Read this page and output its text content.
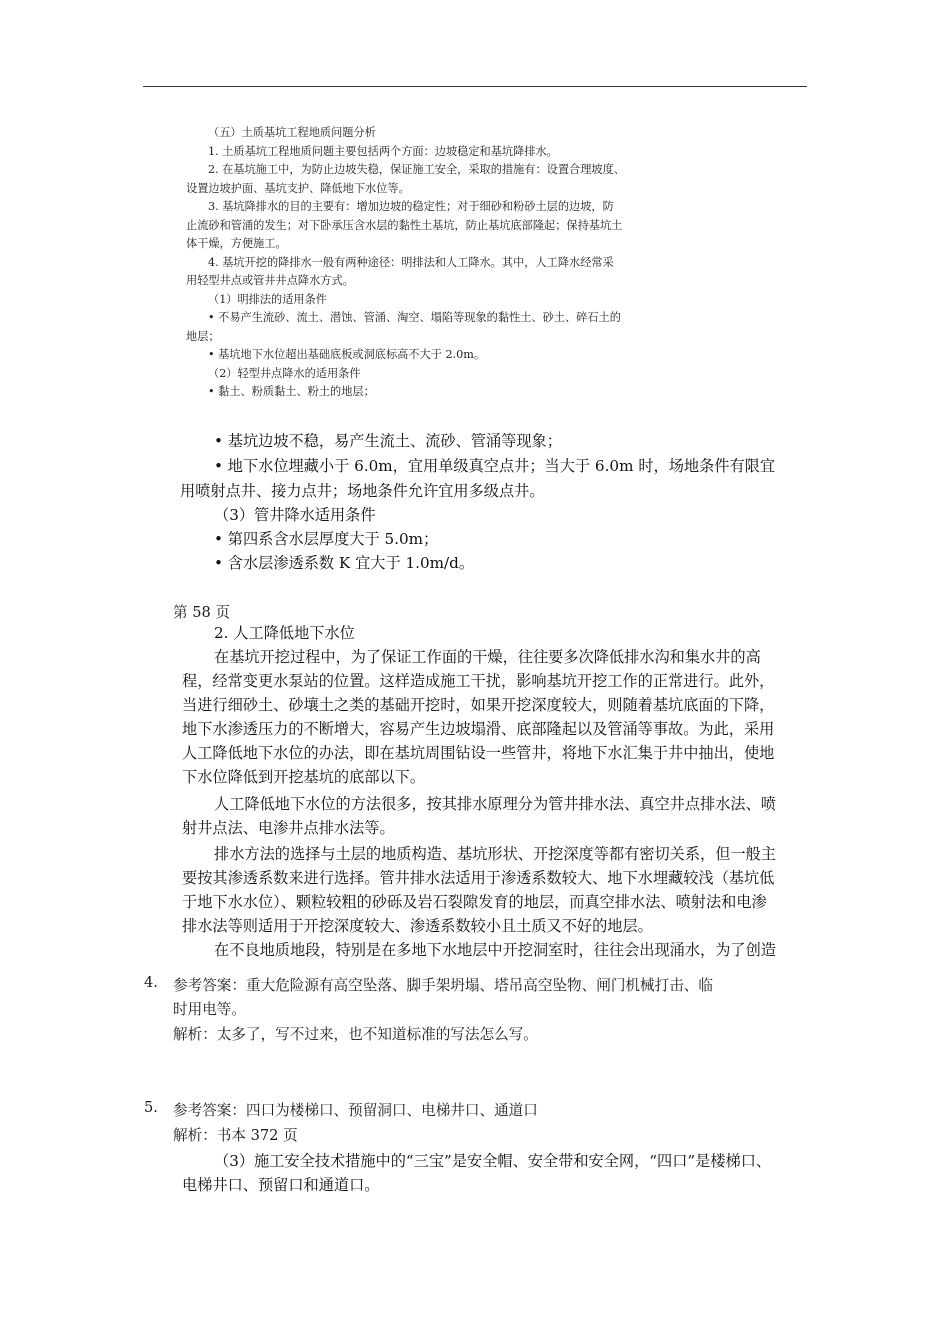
（五）土质基坑工程地质问题分析
1. 土质基坑工程地质问题主要包括两个方面：边坡稳定和基坑降排水。
2. 在基坑施工中，为防止边坡失稳，保证施工安全，采取的措施有：设置合理坡度、
设置边坡护面、基坑支护、降低地下水位等。
3. 基坑降排水的目的主要有：增加边坡的稳定性；对于细砂和粉砂土层的边坡，防
止流砂和管涌的发生；对下卧承压含水层的黏性土基坑，防止基坑底部隆起；保持基坑土
体干燥，方便施工。
4. 基坑开挖的降排水一般有两种途径：明排法和人工降水。其中，人工降水经常采
用轻型井点或管井井点降水方式。
（1）明排法的适用条件
• 不易产生流砂、流土、潜蚀、管涌、淘空、塌陷等现象的黏性土、砂土、碎石土的
地层；
• 基坑地下水位超出基础底板或洞底标高不大于 2.0m。
（2）轻型井点降水的适用条件
• 黏土、粉质黏土、粉土的地层；
• 基坑边坡不稳，易产生流土、流砂、管涌等现象；
• 地下水位埋藏小于 6.0m，宜用单级真空点井；当大于 6.0m 时，场地条件有限宜
用喷射点井、接力点井；场地条件允许宜用多级点井。
（3）管井降水适用条件
• 第四系含水层厚度大于 5.0m；
• 含水层渗透系数 K 宜大于 1.0m/d。
第 58 页
2. 人工降低地下水位
在基坑开挖过程中，为了保证工作面的干燥，往往要多次降低排水沟和集水井的高
程，经常变更水泵站的位置。这样造成施工干扰，影响基坑开挖工作的正常进行。此外，
当进行细砂土、砂壤土之类的基础开挖时，如果开挖深度较大，则随着基坑底面的下降，
地下水渗透压力的不断增大，容易产生边坡塌滑、底部隆起以及管涌等事故。为此，采用
人工降低地下水位的办法，即在基坑周围钻设一些管井，将地下水汇集于井中抽出，使地
下水位降低到开挖基坑的底部以下。
人工降低地下水位的方法很多，按其排水原理分为管井排水法、真空井点排水法、喷
射井点法、电渗井点排水法等。
排水方法的选择与土层的地质构造、基坑形状、开挖深度等都有密切关系，但一般主
要按其渗透系数来进行选择。管井排水法适用于渗透系数较大、地下水埋藏较浅（基坑低
于地下水水位）、颗粒较粗的砂砾及岩石裂隙发育的地层，而真空排水法、喷射法和电渗
排水法等则适用于开挖深度较大、渗透系数较小且土质又不好的地层。
在不良地质地段，特别是在多地下水地层中开挖洞室时，往往会出现涌水，为了创造
4. 参考答案：重大危险源有高空坠落、脚手架坍塌、塔吊高空坠物、闸门机械打击、临
时用电等。
解析：太多了，写不过来，也不知道标准的写法怎么写。
5. 参考答案：四口为楼梯口、预留洞口、电梯井口、通道口
解析：书本 372 页
（3）施工安全技术措施中的“三宝”是安全帽、安全带和安全网，“四口”是楼梯口、
电梯井口、预留口和通道口。
